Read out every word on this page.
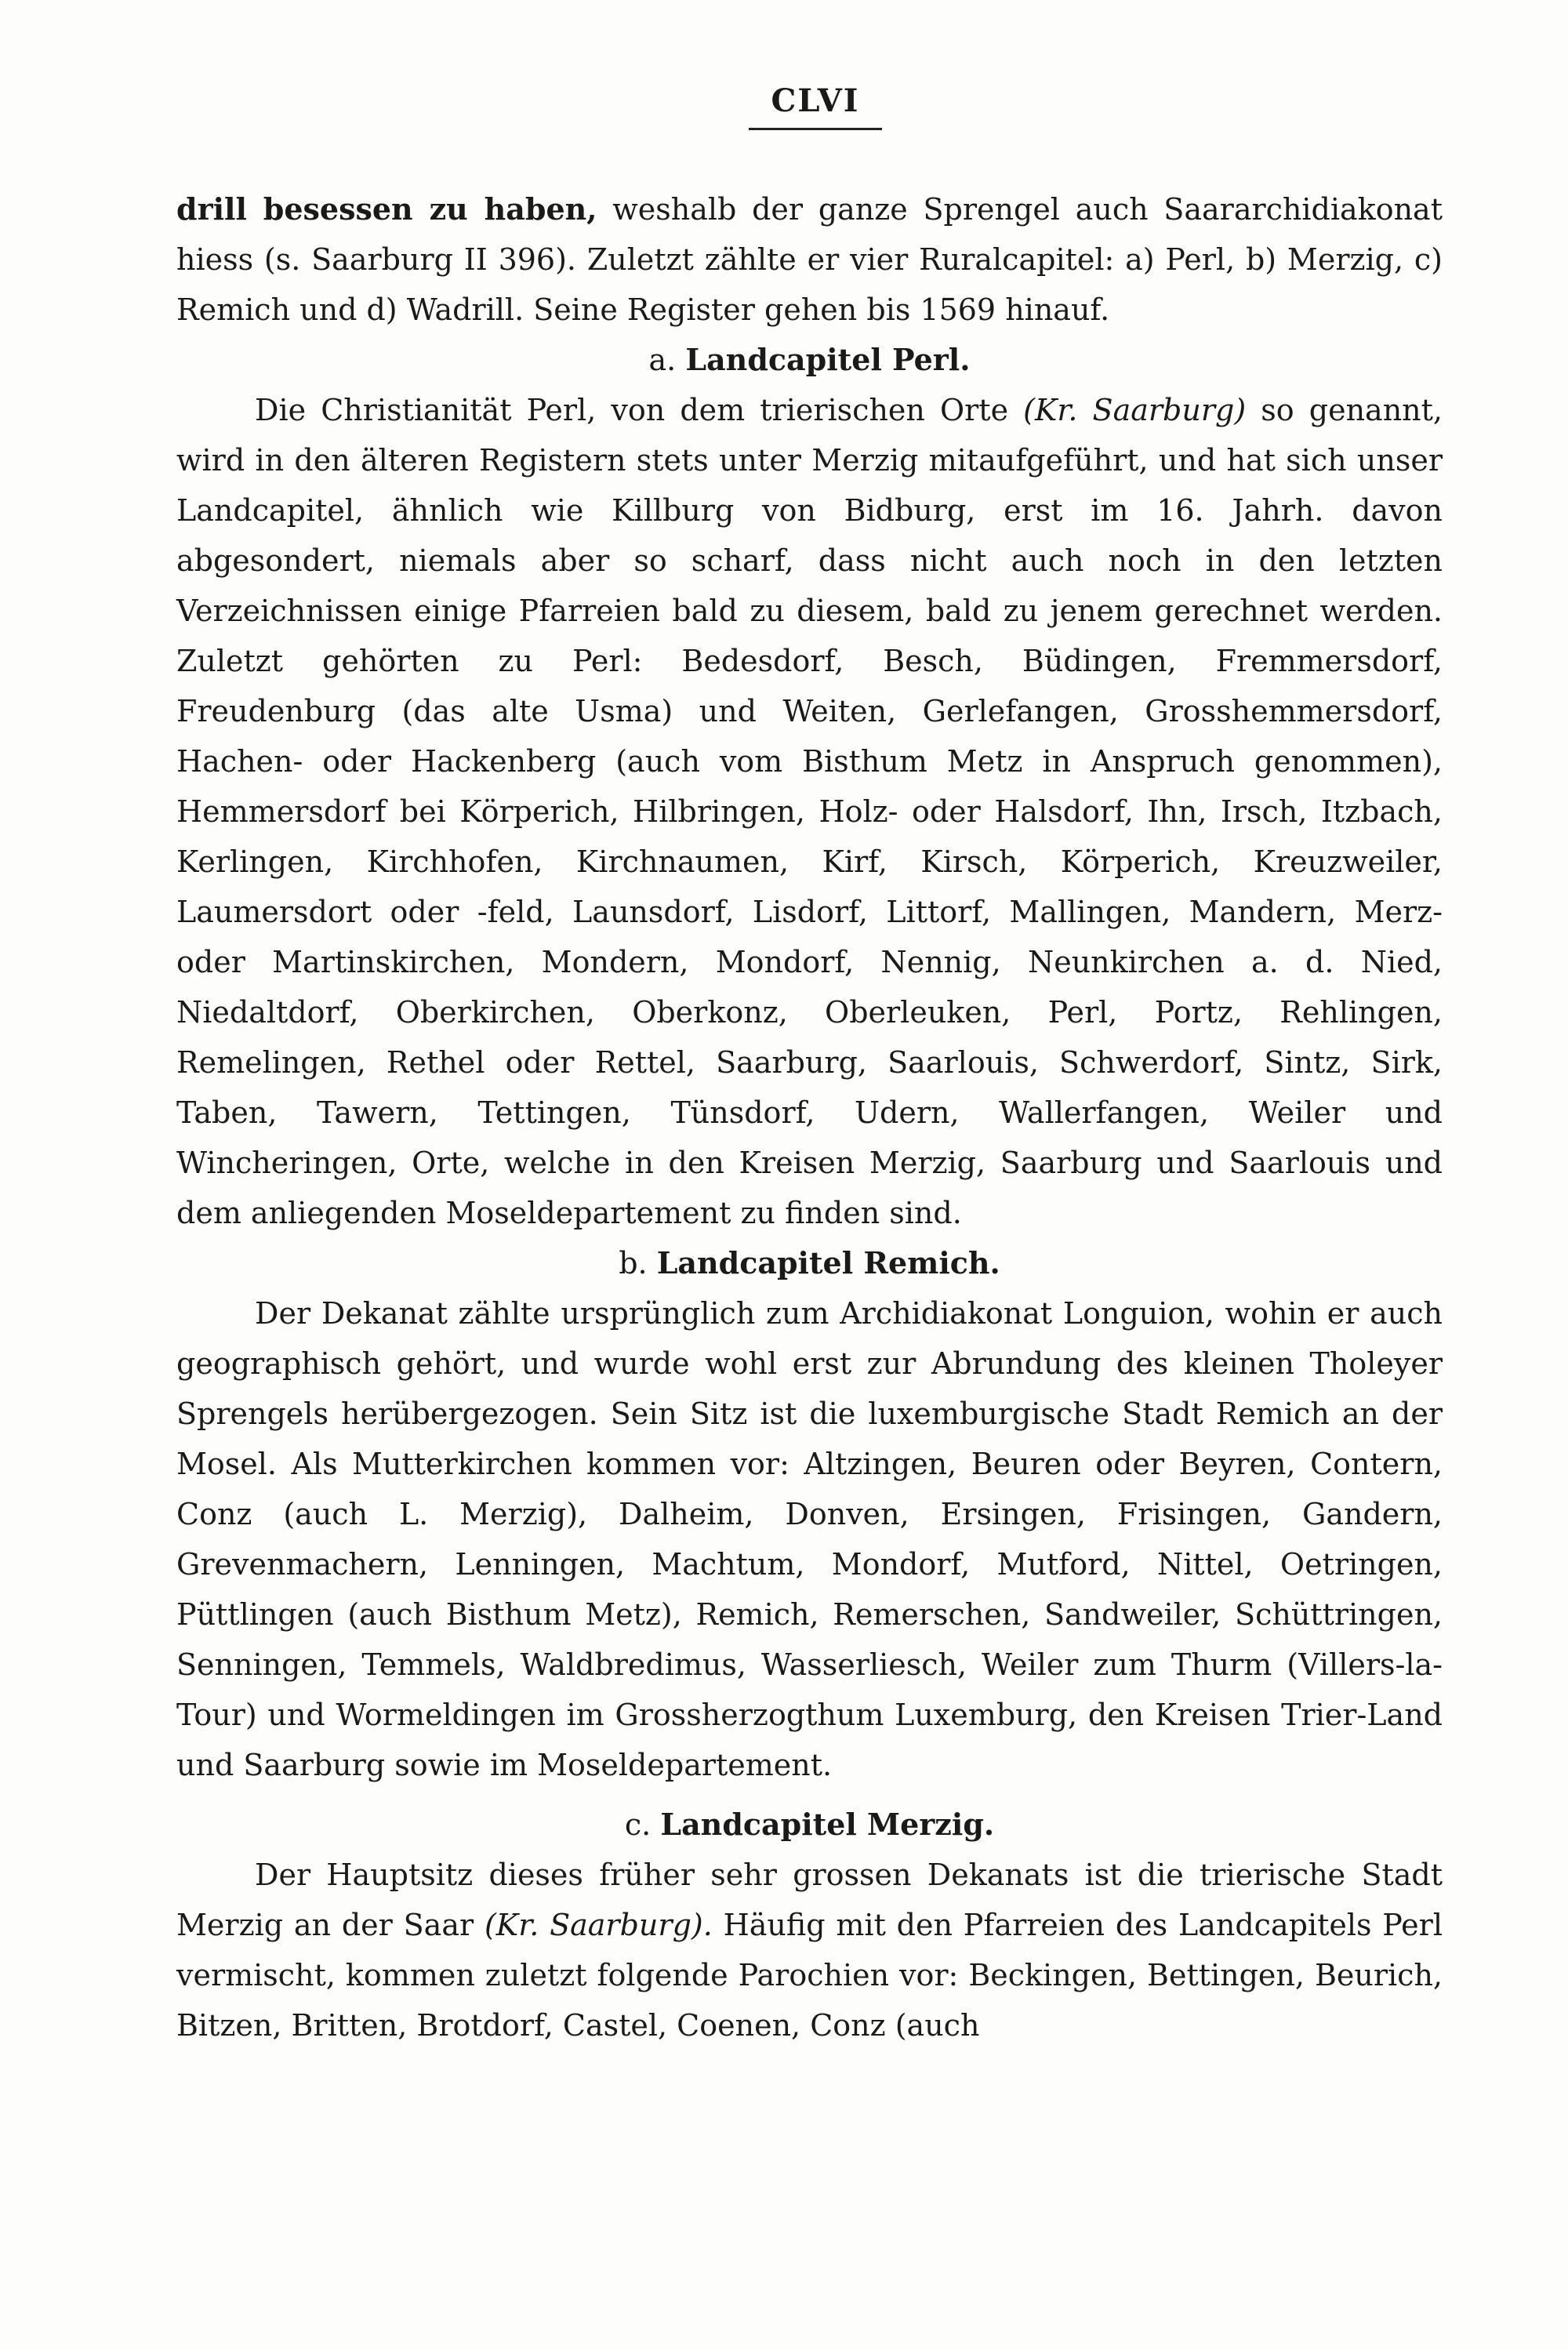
CLVI

drill besessen zu haben, weshalb der ganze Sprengel auch Saararchidiakonat hiess (s. Saarburg II 396). Zuletzt zählte er vier Ruralcapitel: a) Perl, b) Merzig, c) Remich und d) Wadrill. Seine Register gehen bis 1569 hinauf.

a. Landcapitel Perl.

Die Christianität Perl, von dem trierischen Orte (Kr. Saarburg) so genannt, wird in den älteren Registern stets unter Merzig mitaufgeführt, und hat sich unser Landcapitel, ähnlich wie Killburg von Bidburg, erst im 16. Jahrh. davon abgesondert, niemals aber so scharf, dass nicht auch noch in den letzten Verzeichnissen einige Pfarreien bald zu diesem, bald zu jenem gerechnet werden. Zuletzt gehörten zu Perl: Bedesdorf, Besch, Büdingen, Fremmersdorf, Freudenburg (das alte Usma) und Weiten, Gerlefangen, Grosshemmersdorf, Hachen- oder Hackenberg (auch vom Bisthum Metz in Anspruch genommen), Hemmersdorf bei Körperich, Hilbringen, Holz- oder Halsdorf, Ihn, Irsch, Itzbach, Kerlingen, Kirchhofen, Kirchnaumen, Kirf, Kirsch, Körperich, Kreuzweiler, Laumersdort oder -feld, Launsdorf, Lisdorf, Littorf, Mallingen, Mandern, Merz- oder Martinskirchen, Mondern, Mondorf, Nennig, Neunkirchen a. d. Nied, Niedaltdorf, Oberkirchen, Oberkonz, Oberleuken, Perl, Portz, Rehlingen, Remelingen, Rethel oder Rettel, Saarburg, Saarlouis, Schwerdorf, Sintz, Sirk, Taben, Tawern, Tettingen, Tünsdorf, Udern, Wallerfangen, Weiler und Wincheringen, Orte, welche in den Kreisen Merzig, Saarburg und Saarlouis und dem anliegenden Moseldepartement zu finden sind.

b. Landcapitel Remich.

Der Dekanat zählte ursprünglich zum Archidiakonat Longuion, wohin er auch geographisch gehört, und wurde wohl erst zur Abrundung des kleinen Tholeyer Sprengels herübergezogen. Sein Sitz ist die luxemburgische Stadt Remich an der Mosel. Als Mutterkirchen kommen vor: Altzingen, Beuren oder Beyren, Contern, Conz (auch L. Merzig), Dalheim, Donven, Ersingen, Frisingen, Gandern, Grevenmachern, Lenningen, Machtum, Mondorf, Mutford, Nittel, Oetringen, Püttlingen (auch Bisthum Metz), Remich, Remerschen, Sandweiler, Schüttringen, Senningen, Temmels, Waldbredimus, Wasserliesch, Weiler zum Thurm (Villers-la-Tour) und Wormeldingen im Grossherzogthum Luxemburg, den Kreisen Trier-Land und Saarburg sowie im Moseldepartement.

c. Landcapitel Merzig.

Der Hauptsitz dieses früher sehr grossen Dekanats ist die trierische Stadt Merzig an der Saar (Kr. Saarburg). Häufig mit den Pfarreien des Landcapitels Perl vermischt, kommen zuletzt folgende Parochien vor: Beckingen, Bettingen, Beurich, Bitzen, Britten, Brotdorf, Castel, Coenen, Conz (auch
